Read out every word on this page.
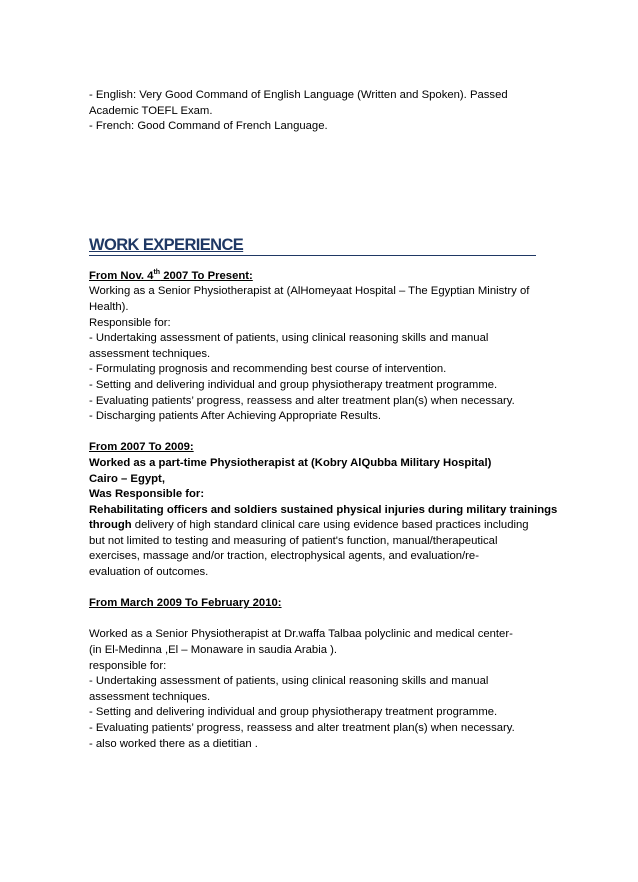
- English: Very Good Command of English Language (Written and Spoken). Passed
Academic TOEFL Exam.
- French: Good Command of French Language.
WORK EXPERIENCE
From Nov. 4th 2007 To Present:
Working as a Senior Physiotherapist at (AlHomeyaat Hospital – The Egyptian Ministry of
Health).
Responsible for:
- Undertaking assessment of patients, using clinical reasoning skills and manual
assessment techniques.
- Formulating prognosis and recommending best course of intervention.
- Setting and delivering individual and group physiotherapy treatment programme.
- Evaluating patients’ progress, reassess and alter treatment plan(s) when necessary.
- Discharging patients After Achieving Appropriate Results.
From 2007 To 2009:
Worked as a part-time Physiotherapist at (Kobry AlQubba Military Hospital)
Cairo – Egypt,
Was Responsible for:
Rehabilitating officers and soldiers sustained physical injuries during military trainings
through delivery of high standard clinical care using evidence based practices including
but not limited to testing and measuring of patient's function, manual/therapeutical
exercises, massage and/or traction, electrophysical agents, and evaluation/re-
evaluation of outcomes.
From March 2009 To February 2010:
Worked as a Senior Physiotherapist at Dr.waffa Talbaa polyclinic and medical center-
(in El-Medinna ,El – Monaware in saudia Arabia ).
responsible for:
- Undertaking assessment of patients, using clinical reasoning skills and manual
assessment techniques.
- Setting and delivering individual and group physiotherapy treatment programme.
- Evaluating patients’ progress, reassess and alter treatment plan(s) when necessary.
- also worked there as a dietitian .
